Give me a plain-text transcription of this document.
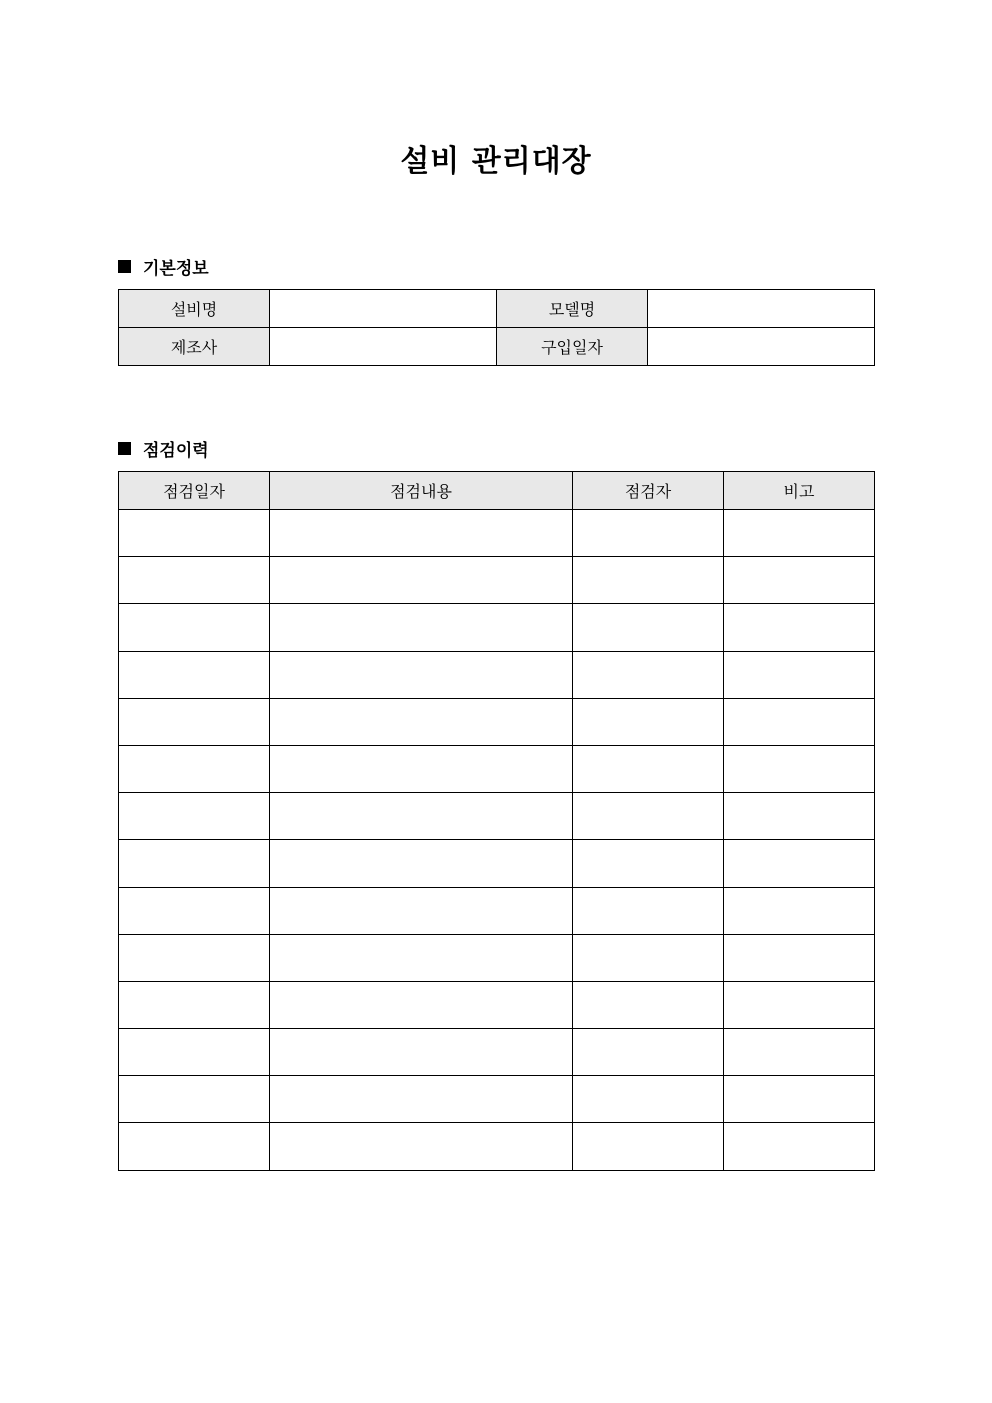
설비 관리대장
기본정보
설비명		모델명	
제조사		구입일자	
점검이력
점검일자	점검내용	점검자	비고
